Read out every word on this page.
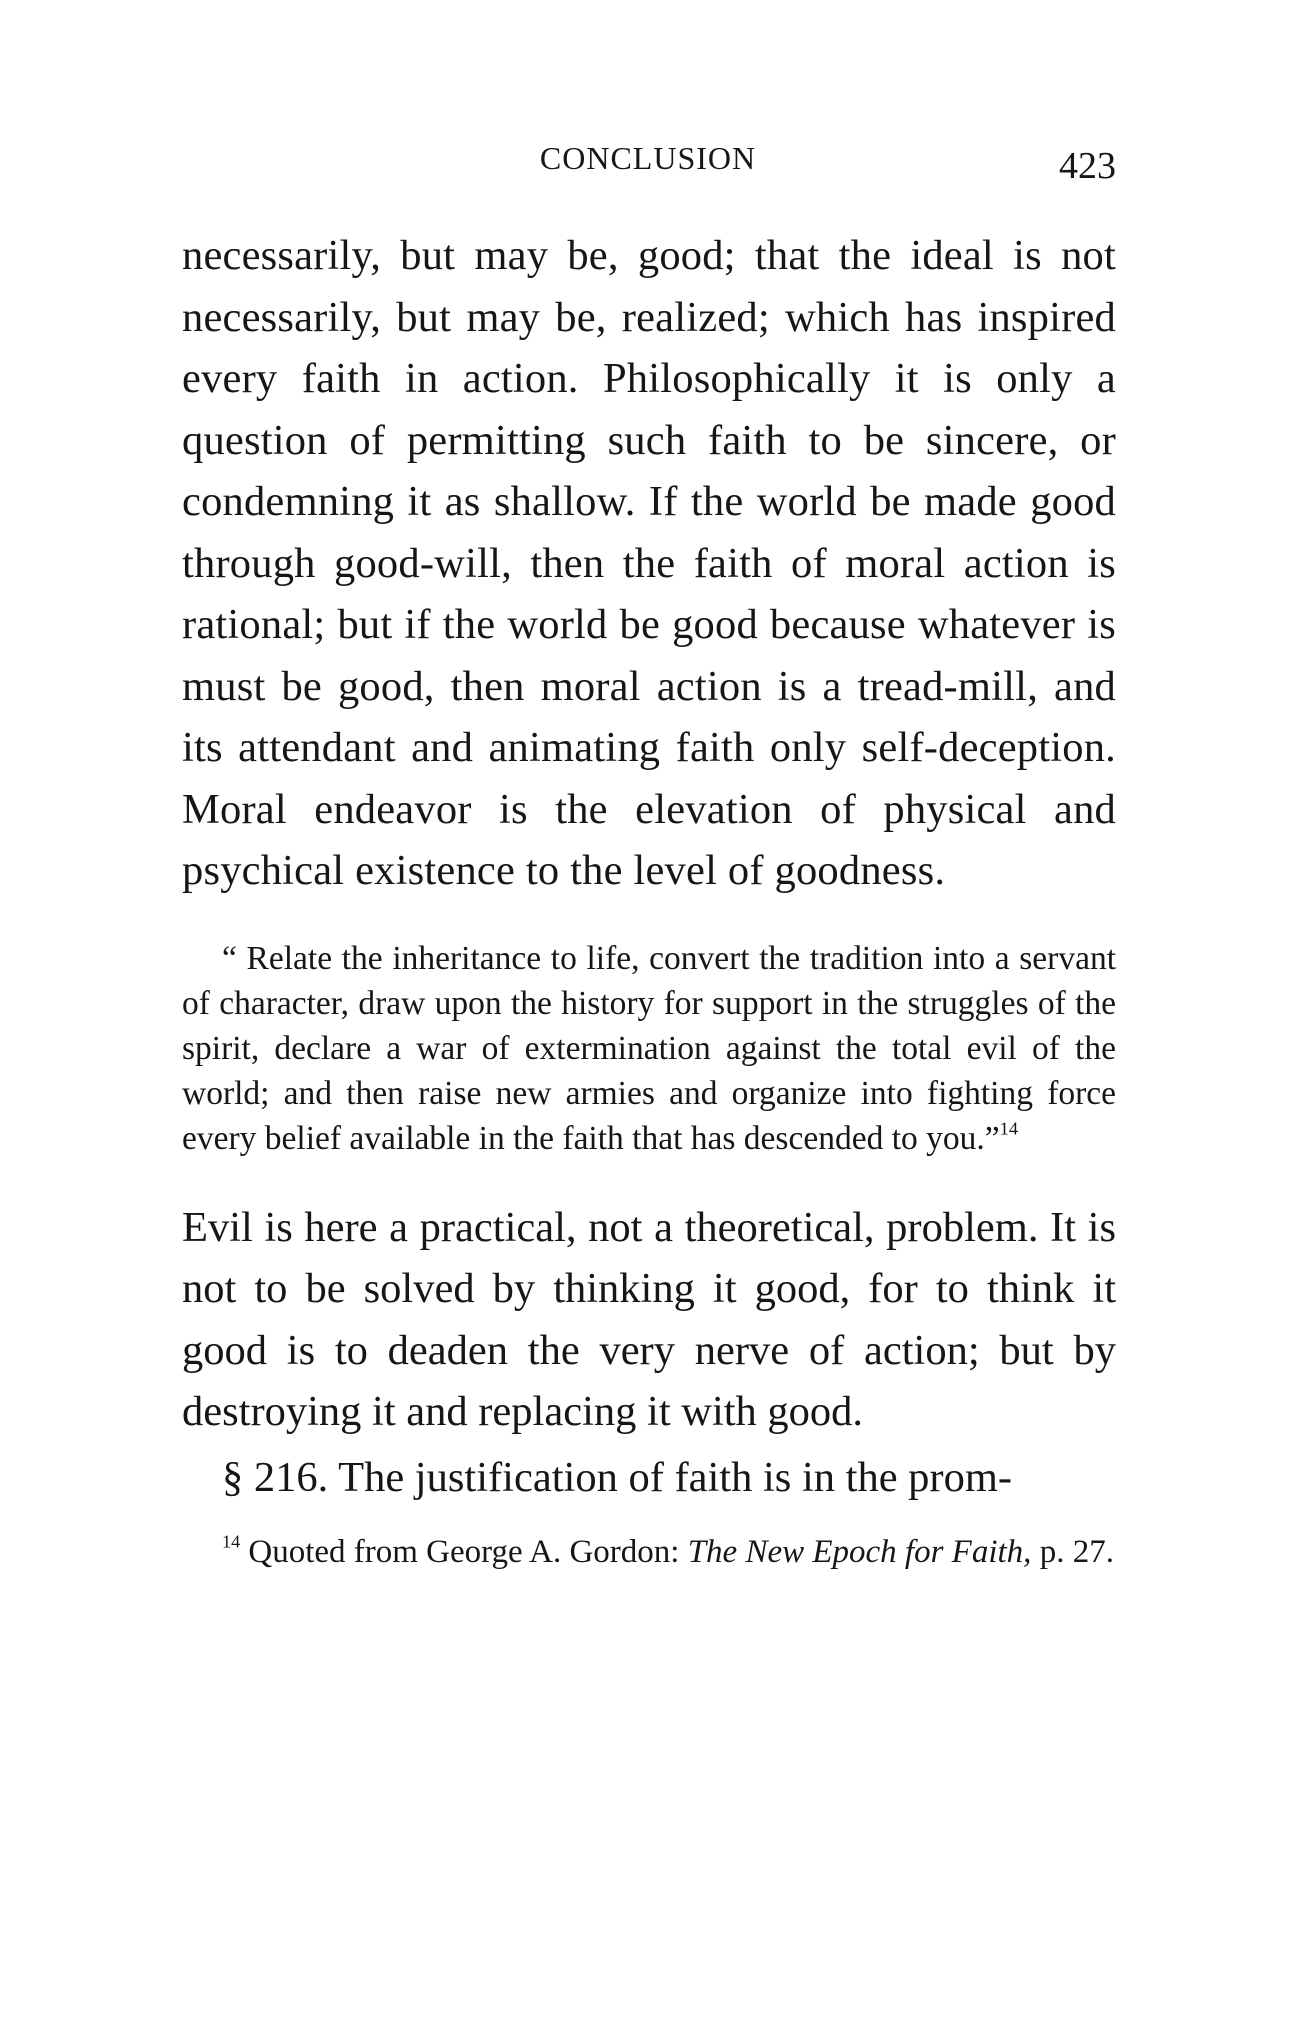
CONCLUSION	423

necessarily, but may be, good; that the ideal is not necessarily, but may be, realized; which has inspired every faith in action. Philosophically it is only a question of permitting such faith to be sincere, or condemning it as shallow. If the world be made good through good-will, then the faith of moral action is rational; but if the world be good because whatever is must be good, then moral action is a tread-mill, and its attendant and animating faith only self-deception. Moral endeavor is the elevation of physical and psychical existence to the level of goodness.

“ Relate the inheritance to life, convert the tradition into a servant of character, draw upon the history for support in the struggles of the spirit, declare a war of extermination against the total evil of the world; and then raise new armies and organize into fighting force every belief available in the faith that has descended to you.”$^{14}$

Evil is here a practical, not a theoretical, problem. It is not to be solved by thinking it good, for to think it good is to deaden the very nerve of action; but by destroying it and replacing it with good.

§ 216. The justification of faith is in the prom-

$^{14}$ Quoted from George A. Gordon: The New Epoch for Faith, p. 27.
